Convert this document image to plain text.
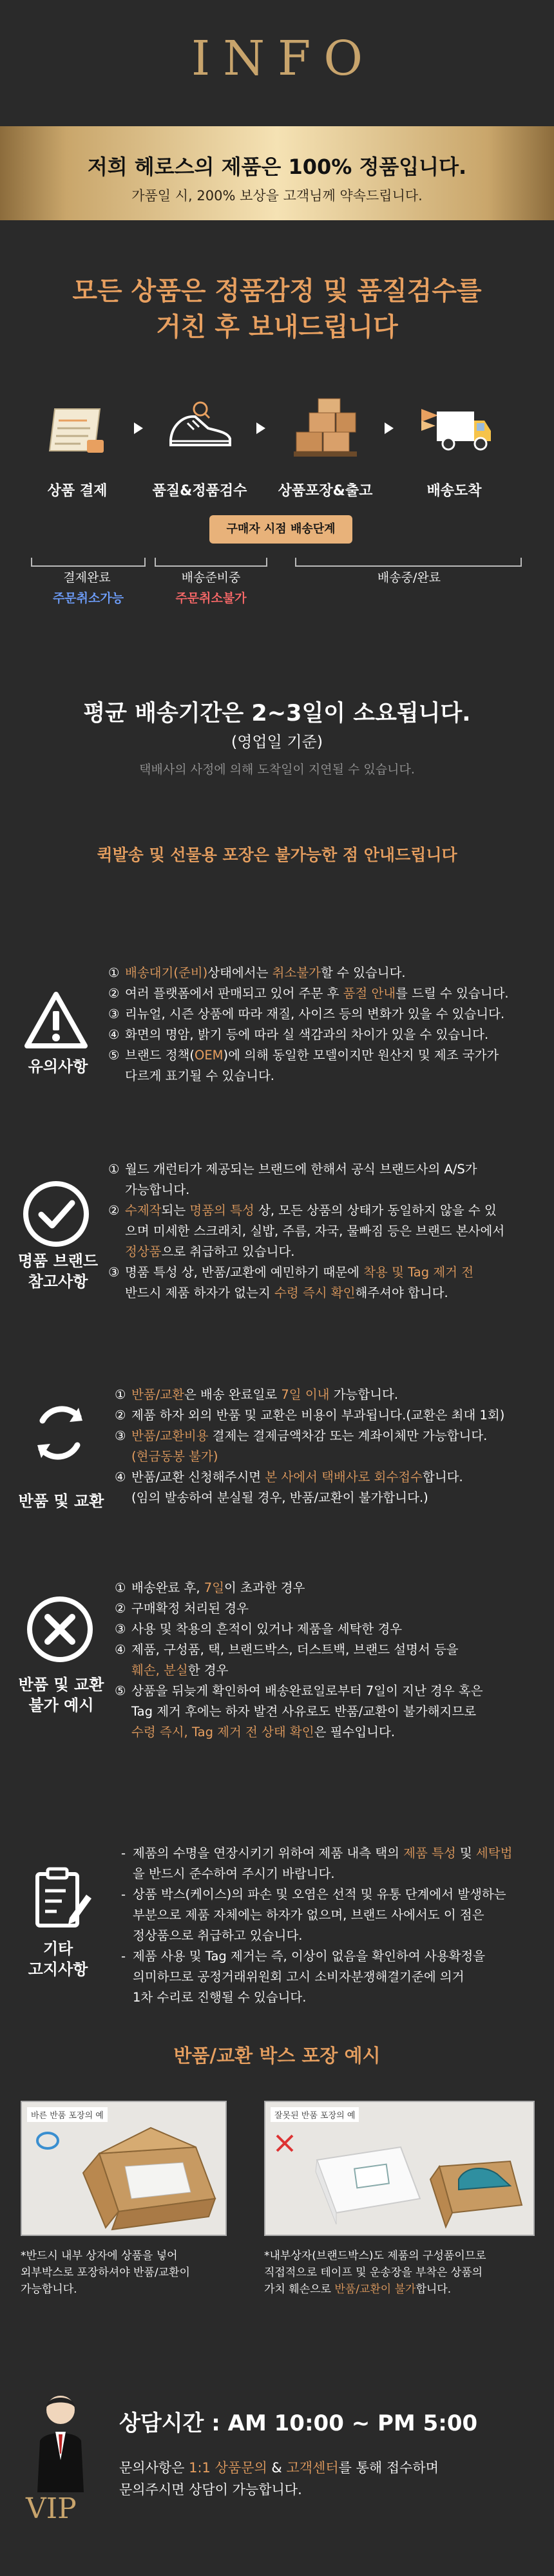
INFO
저희 헤로스의 제품은 100% 정품입니다.
가품일 시, 200% 보상을 고객님께 약속드립니다.
모든 상품은 정품감정 및 품질검수를
거친 후 보내드립니다
상품 결제	품질&정품검수	상품포장&출고	배송도착
구매자 시점 배송단계
결제완료
주문취소가능
배송준비중
주문취소불가
배송중/완료
평균 배송기간은 2~3일이 소요됩니다.
(영업일 기준)
택배사의 사정에 의해 도착일이 지연될 수 있습니다.
퀵발송 및 선물용 포장은 불가능한 점 안내드립니다
유의사항

① 배송대기(준비)상태에서는 취소불가할 수 있습니다.

② 여러 플랫폼에서 판매되고 있어 주문 후 품절 안내를 드릴 수 있습니다.

③ 리뉴얼, 시즌 상품에 따라 재질, 사이즈 등의 변화가 있을 수 있습니다.

④ 화면의 명암, 밝기 등에 따라 실 색감과의 차이가 있을 수 있습니다.

⑤ 브랜드 정책(OEM)에 의해 동일한 모델이지만 원산지 및 제조 국가가

다르게 표기될 수 있습니다.

명품 브랜드
참고사항

① 월드 개런티가 제공되는 브랜드에 한해서 공식 브랜드사의 A/S가

가능합니다.

② 수제작되는 명품의 특성 상, 모든 상품의 상태가 동일하지 않을 수 있

으며 미세한 스크래치, 실밥, 주름, 자국, 물빠짐 등은 브랜드 본사에서

정상품으로 취급하고 있습니다.

③ 명품 특성 상, 반품/교환에 예민하기 때문에 착용 및 Tag 제거 전

반드시 제품 하자가 없는지 수령 즉시 확인해주셔야 합니다.

반품 및 교환

① 반품/교환은 배송 완료일로 7일 이내 가능합니다.

② 제품 하자 외의 반품 및 교환은 비용이 부과됩니다.(교환은 최대 1회)

③ 반품/교환비용 결제는 결제금액차감 또는 계좌이체만 가능합니다.

(현금동봉 불가)

④ 반품/교환 신청해주시면 본 사에서 택배사로 회수접수합니다.

(임의 발송하여 분실될 경우, 반품/교환이 불가합니다.)

반품 및 교환
불가 예시

① 배송완료 후, 7일이 초과한 경우

② 구매확정 처리된 경우

③ 사용 및 착용의 흔적이 있거나 제품을 세탁한 경우

④ 제품, 구성품, 택, 브랜드박스, 더스트백, 브랜드 설명서 등을

훼손, 분실한 경우

⑤ 상품을 뒤늦게 확인하여 배송완료일로부터 7일이 지난 경우 혹은

Tag 제거 후에는 하자 발견 사유로도 반품/교환이 불가해지므로

수령 즉시, Tag 제거 전 상태 확인은 필수입니다.

기타
고지사항

- 제품의 수명을 연장시키기 위하여 제품 내측 택의 제품 특성 및 세탁법

을 반드시 준수하여 주시기 바랍니다.

- 상품 박스(케이스)의 파손 및 오염은 선적 및 유통 단계에서 발생하는

부분으로 제품 자체에는 하자가 없으며, 브랜드 사에서도 이 점은

정상품으로 취급하고 있습니다.

- 제품 사용 및 Tag 제거는 즉, 이상이 없음을 확인하여 사용확정을

의미하므로 공정거래위원회 고시 소비자분쟁해결기준에 의거

1차 수리로 진행될 수 있습니다.

반품/교환 박스 포장 예시
바른 반품 포장의 예
*반드시 내부 상자에 상품을 넣어
외부박스로 포장하셔야 반품/교환이
가능합니다.
잘못된 반품 포장의 예
*내부상자(브랜드박스)도 제품의 구성품이므로
직접적으로 테이프 및 운송장을 부착은 상품의
가치 훼손으로 반품/교환이 불가합니다.
VIP
상담시간 : AM 10:00 ~ PM 5:00
문의사항은 1:1 상품문의 & 고객센터를 통해 접수하며
문의주시면 상담이 가능합니다.
